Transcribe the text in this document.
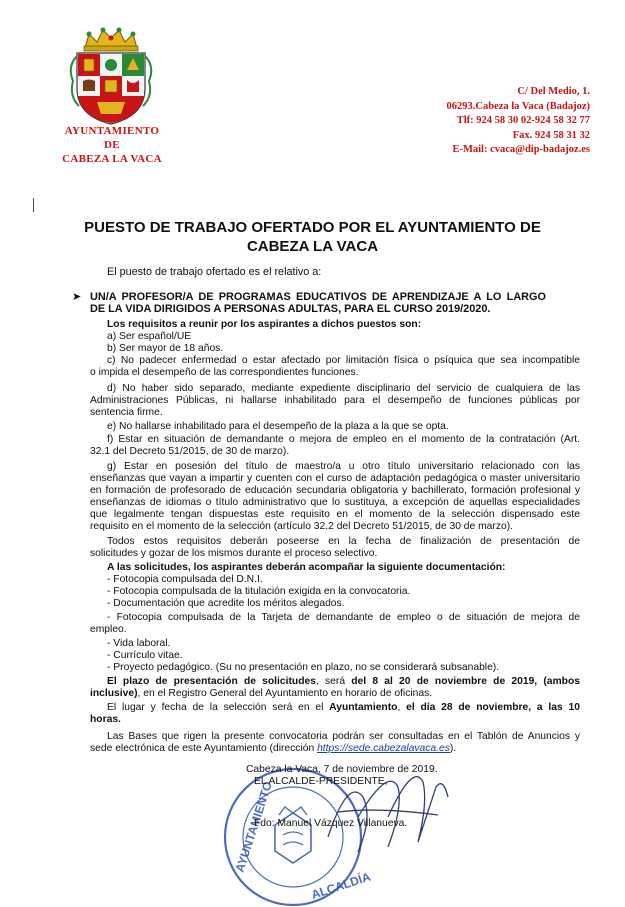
AYUNTAMIENTO
DE
CABEZA LA VACA
C/ Del Medio, 1.
06293.Cabeza la Vaca (Badajoz)
Tlf: 924 58 30 02-924 58 32 77
Fax. 924 58 31 32
E-Mail: cvaca@dip-badajoz.es
PUESTO DE TRABAJO OFERTADO POR EL AYUNTAMIENTO DE
CABEZA LA VACA
El puesto de trabajo ofertado es el relativo a:
➤ UN/A PROFESOR/A DE PROGRAMAS EDUCATIVOS DE APRENDIZAJE A LO LARGO
DE LA VIDA DIRIGIDOS A PERSONAS ADULTAS, PARA EL CURSO 2019/2020.
Los requisitos a reunir por los aspirantes a dichos puestos son:
a) Ser español/UE
b) Ser mayor de 18 años.
c) No padecer enfermedad o estar afectado por limitación física o psíquica que sea incompatible
o impida el desempeño de las correspondientes funciones.
d) No haber sido separado, mediante expediente disciplinario del servicio de cualquiera de las
Administraciones Públicas, ni hallarse inhabilitado para el desempeño de funciones públicas por
sentencia firme.
e) No hallarse inhabilitado para el desempeño de la plaza a la que se opta.
f) Estar en situación de demandante o mejora de empleo en el momento de la contratación (Art.
32.1 del Decreto 51/2015, de 30 de marzo).
g) Estar en posesión del título de maestro/a u otro título universitario relacionado con las
enseñanzas que vayan a impartir y cuenten con el curso de adaptación pedagógica o master universitario
en formación de profesorado de educación secundaria obligatoria y bachillerato, formación profesional y
enseñanzas de idiomas o título administrativo que lo sustituya, a excepción de aquellas especialidades
que legalmente tengan dispuestas este requisito en el momento de la selección dispensado este
requisito en el momento de la selección (artículo 32.2 del Decreto 51/2015, de 30 de marzo).
Todos estos requisitos deberán poseerse en la fecha de finalización de presentación de
solicitudes y gozar de los mismos durante el proceso selectivo.
A las solicitudes, los aspirantes deberán acompañar la siguiente documentación:
- Fotocopia compulsada del D.N.I.
- Fotocopia compulsada de la titulación exigida en la convocatoria.
- Documentación que acredite los méritos alegados.
- Fotocopia compulsada de la Tarjeta de demandante de empleo o de situación de mejora de
empleo.
- Vida laboral.
- Currículo vitae.
- Proyecto pedagógico. (Su no presentación en plazo, no se considerará subsanable).
El plazo de presentación de solicitudes, será del 8 al 20 de noviembre de 2019, (ambos
inclusive), en el Registro General del Ayuntamiento en horario de oficinas.
El lugar y fecha de la selección será en el Ayuntamiento, el día 28 de noviembre, a las 10
horas.
Las Bases que rigen la presente convocatoria podrán ser consultadas en el Tablón de Anuncios y
sede electrónica de este Ayuntamiento (dirección https://sede.cabezalavaca.es).
AYUNTAMIENTO
ALCALDÍA
Cabeza la Vaca, 7 de noviembre de 2019.
EL ALCALDE-PRESIDENTE,
Fdo: Manuel Vázquez Villanueva.
